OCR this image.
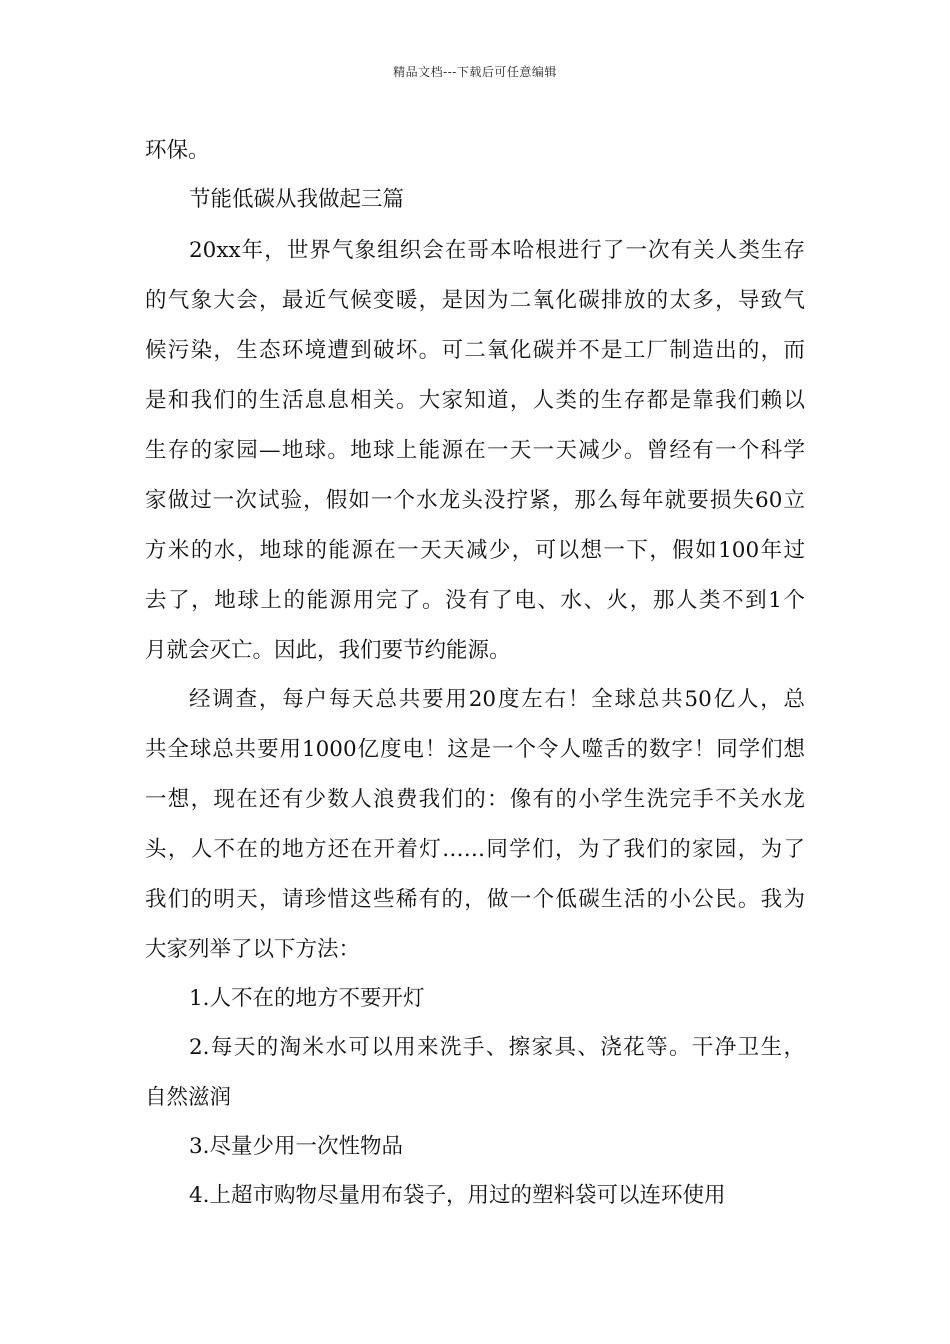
精品文档---下载后可任意编辑
环保。
节能低碳从我做起三篇
20xx年，世界气象组织会在哥本哈根进行了一次有关人类生存
的气象大会，最近气候变暖，是因为二氧化碳排放的太多，导致气
候污染，生态环境遭到破坏。可二氧化碳并不是工厂制造出的，而
是和我们的生活息息相关。大家知道，人类的生存都是靠我们赖以
生存的家园—地球。地球上能源在一天一天减少。曾经有一个科学
家做过一次试验，假如一个水龙头没拧紧，那么每年就要损失60立
方米的水，地球的能源在一天天减少，可以想一下，假如100年过
去了，地球上的能源用完了。没有了电、水、火，那人类不到1个
月就会灭亡。因此，我们要节约能源。
经调查，每户每天总共要用20度左右！全球总共50亿人，总
共全球总共要用1000亿度电！这是一个令人噬舌的数字！同学们想
一想，现在还有少数人浪费我们的：像有的小学生洗完手不关水龙
头，人不在的地方还在开着灯……同学们，为了我们的家园，为了
我们的明天，请珍惜这些稀有的，做一个低碳生活的小公民。我为
大家列举了以下方法：
1.人不在的地方不要开灯
2.每天的淘米水可以用来洗手、擦家具、浇花等。干净卫生，
自然滋润
3.尽量少用一次性物品
4.上超市购物尽量用布袋子，用过的塑料袋可以连环使用
